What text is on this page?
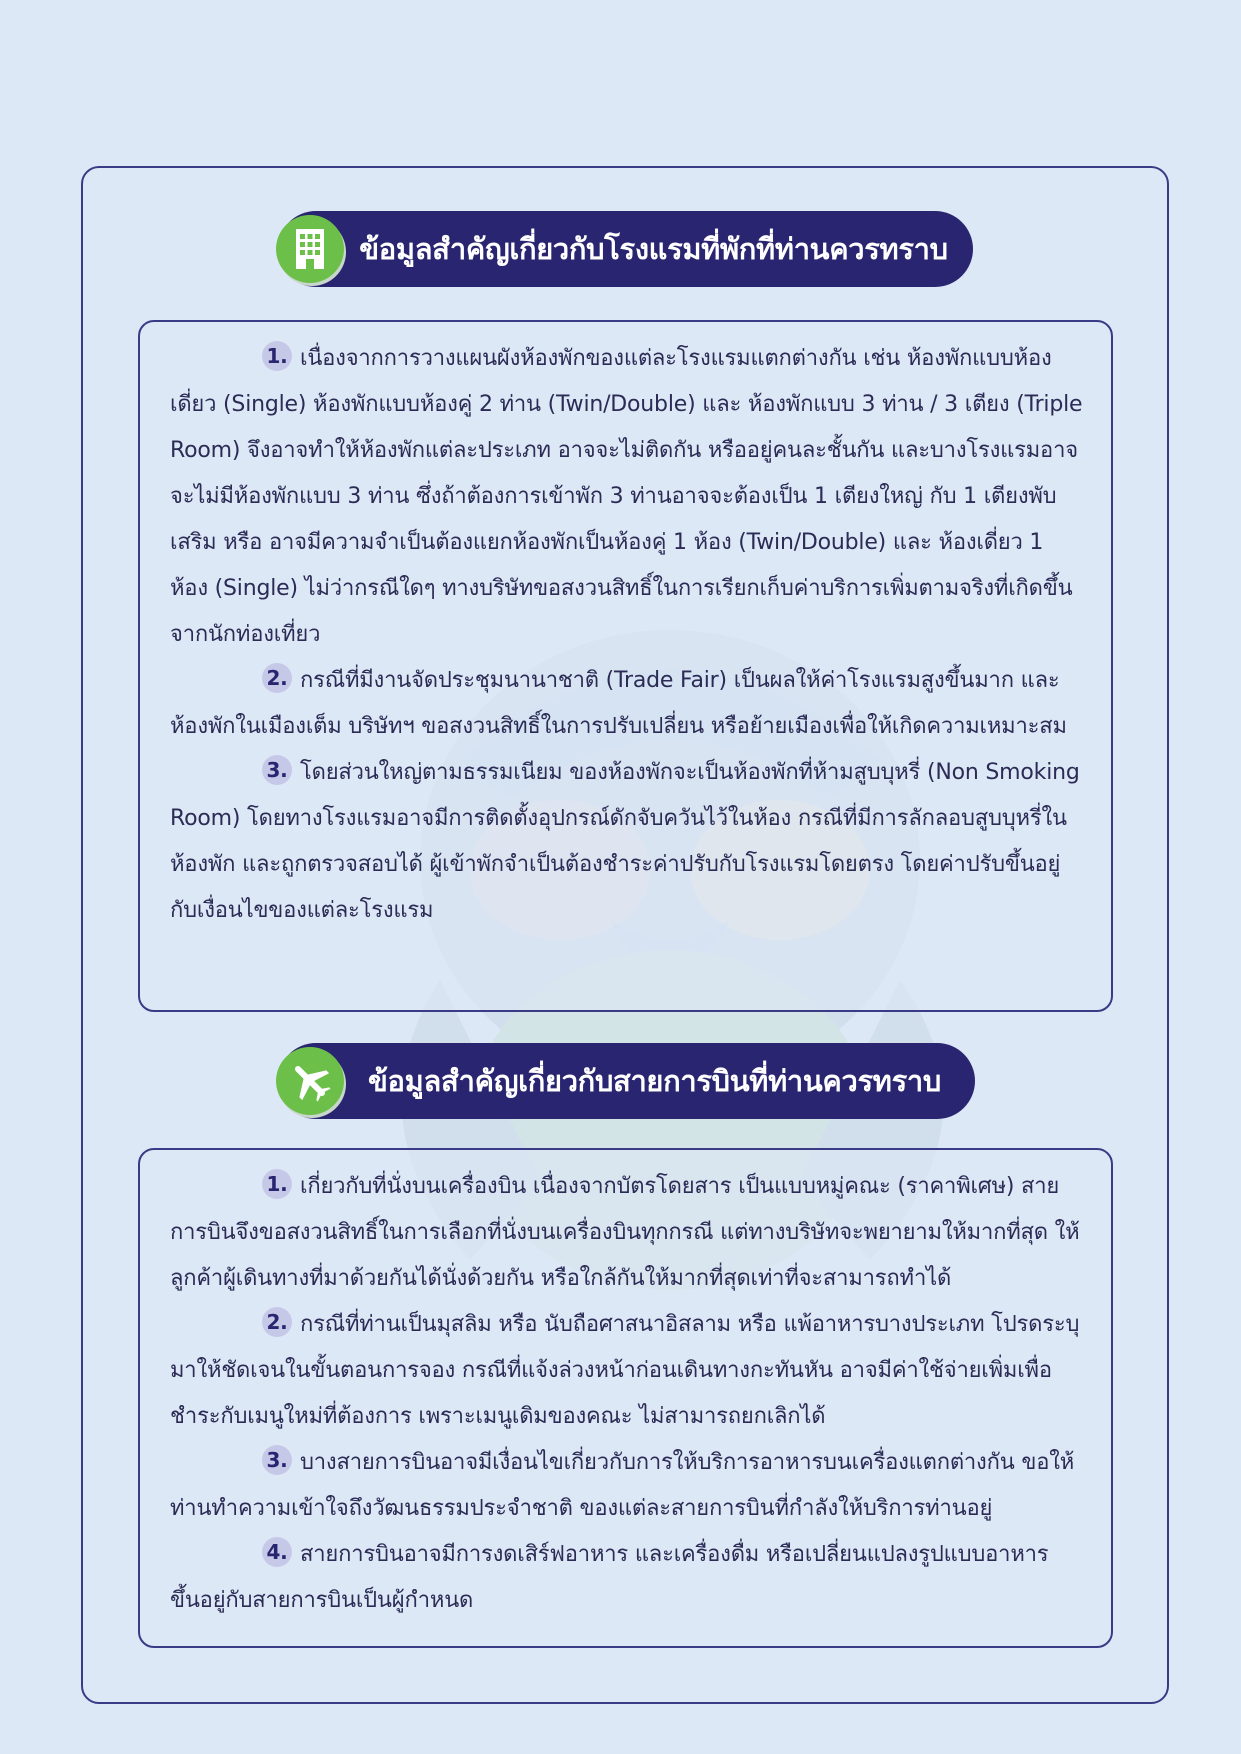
ข้อมูลสำคัญเกี่ยวกับโรงแรมที่พักที่ท่านควรทราบ

1. เนื่องจากการวางแผนผังห้องพักของแต่ละโรงแรมแตกต่างกัน เช่น ห้องพักแบบห้องเดี่ยว (Single) ห้องพักแบบห้องคู่ 2 ท่าน (Twin/Double) และ ห้องพักแบบ 3 ท่าน / 3 เตียง (Triple Room) จึงอาจทำให้ห้องพักแต่ละประเภท อาจจะไม่ติดกัน หรืออยู่คนละชั้นกัน และบางโรงแรมอาจจะไม่มีห้องพักแบบ 3 ท่าน ซึ่งถ้าต้องการเข้าพัก 3 ท่านอาจจะต้องเป็น 1 เตียงใหญ่ กับ 1 เตียงพับเสริม หรือ อาจมีความจำเป็นต้องแยกห้องพักเป็นห้องคู่ 1 ห้อง (Twin/Double) และ ห้องเดี่ยว 1 ห้อง (Single) ไม่ว่ากรณีใดๆ ทางบริษัทขอสงวนสิทธิ์ในการเรียกเก็บค่าบริการเพิ่มตามจริงที่เกิดขึ้นจากนักท่องเที่ยว

2. กรณีที่มีงานจัดประชุมนานาชาติ (Trade Fair) เป็นผลให้ค่าโรงแรมสูงขึ้นมาก และห้องพักในเมืองเต็ม บริษัทฯ ขอสงวนสิทธิ์ในการปรับเปลี่ยน หรือย้ายเมืองเพื่อให้เกิดความเหมาะสม

3. โดยส่วนใหญ่ตามธรรมเนียม ของห้องพักจะเป็นห้องพักที่ห้ามสูบบุหรี่ (Non Smoking Room) โดยทางโรงแรมอาจมีการติดตั้งอุปกรณ์ดักจับควันไว้ในห้อง กรณีที่มีการลักลอบสูบบุหรี่ในห้องพัก และถูกตรวจสอบได้ ผู้เข้าพักจำเป็นต้องชำระค่าปรับกับโรงแรมโดยตรง โดยค่าปรับขึ้นอยู่กับเงื่อนไขของแต่ละโรงแรม

ข้อมูลสำคัญเกี่ยวกับสายการบินที่ท่านควรทราบ

1. เกี่ยวกับที่นั่งบนเครื่องบิน เนื่องจากบัตรโดยสาร เป็นแบบหมู่คณะ (ราคาพิเศษ) สายการบินจึงขอสงวนสิทธิ์ในการเลือกที่นั่งบนเครื่องบินทุกกรณี แต่ทางบริษัทจะพยายามให้มากที่สุด ให้ลูกค้าผู้เดินทางที่มาด้วยกันได้นั่งด้วยกัน หรือใกล้กันให้มากที่สุดเท่าที่จะสามารถทำได้

2. กรณีที่ท่านเป็นมุสลิม หรือ นับถือศาสนาอิสลาม หรือ แพ้อาหารบางประเภท โปรดระบุมาให้ชัดเจนในขั้นตอนการจอง กรณีที่แจ้งล่วงหน้าก่อนเดินทางกะทันหัน อาจมีค่าใช้จ่ายเพิ่มเพื่อชำระกับเมนูใหม่ที่ต้องการ เพราะเมนูเดิมของคณะ ไม่สามารถยกเลิกได้

3. บางสายการบินอาจมีเงื่อนไขเกี่ยวกับการให้บริการอาหารบนเครื่องแตกต่างกัน ขอให้ท่านทำความเข้าใจถึงวัฒนธรรมประจำชาติ ของแต่ละสายการบินที่กำลังให้บริการท่านอยู่

4. สายการบินอาจมีการงดเสิร์ฟอาหาร และเครื่องดื่ม หรือเปลี่ยนแปลงรูปแบบอาหาร ขึ้นอยู่กับสายการบินเป็นผู้กำหนด
